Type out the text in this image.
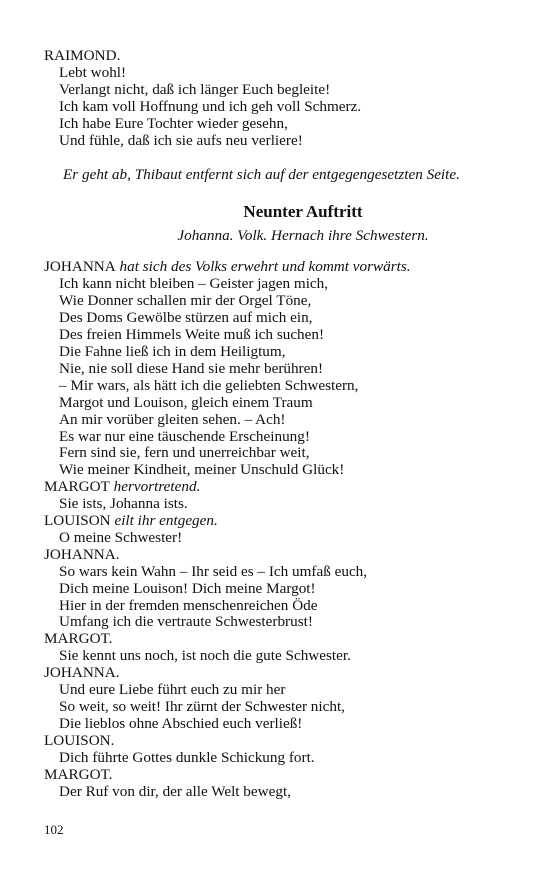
RAIMOND.
Lebt wohl!
Verlangt nicht, daß ich länger Euch begleite!
Ich kam voll Hoffnung und ich geh voll Schmerz.
Ich habe Eure Tochter wieder gesehn,
Und fühle, daß ich sie aufs neu verliere!
Er geht ab, Thibaut entfernt sich auf der entgegengesetzten Seite.
Neunter Auftritt
Johanna. Volk. Hernach ihre Schwestern.
JOHANNA hat sich des Volks erwehrt und kommt vorwärts.
Ich kann nicht bleiben – Geister jagen mich,
Wie Donner schallen mir der Orgel Töne,
Des Doms Gewölbe stürzen auf mich ein,
Des freien Himmels Weite muß ich suchen!
Die Fahne ließ ich in dem Heiligtum,
Nie, nie soll diese Hand sie mehr berühren!
– Mir wars, als hätt ich die geliebten Schwestern,
Margot und Louison, gleich einem Traum
An mir vorüber gleiten sehen. – Ach!
Es war nur eine täuschende Erscheinung!
Fern sind sie, fern und unerreichbar weit,
Wie meiner Kindheit, meiner Unschuld Glück!
MARGOT hervortretend.
Sie ists, Johanna ists.
LOUISON eilt ihr entgegen.
O meine Schwester!
JOHANNA.
So wars kein Wahn – Ihr seid es – Ich umfaß euch,
Dich meine Louison! Dich meine Margot!
Hier in der fremden menschenreichen Öde
Umfang ich die vertraute Schwesterbrust!
MARGOT.
Sie kennt uns noch, ist noch die gute Schwester.
JOHANNA.
Und eure Liebe führt euch zu mir her
So weit, so weit! Ihr zürnt der Schwester nicht,
Die lieblos ohne Abschied euch verließ!
LOUISON.
Dich führte Gottes dunkle Schickung fort.
MARGOT.
Der Ruf von dir, der alle Welt bewegt,
102
